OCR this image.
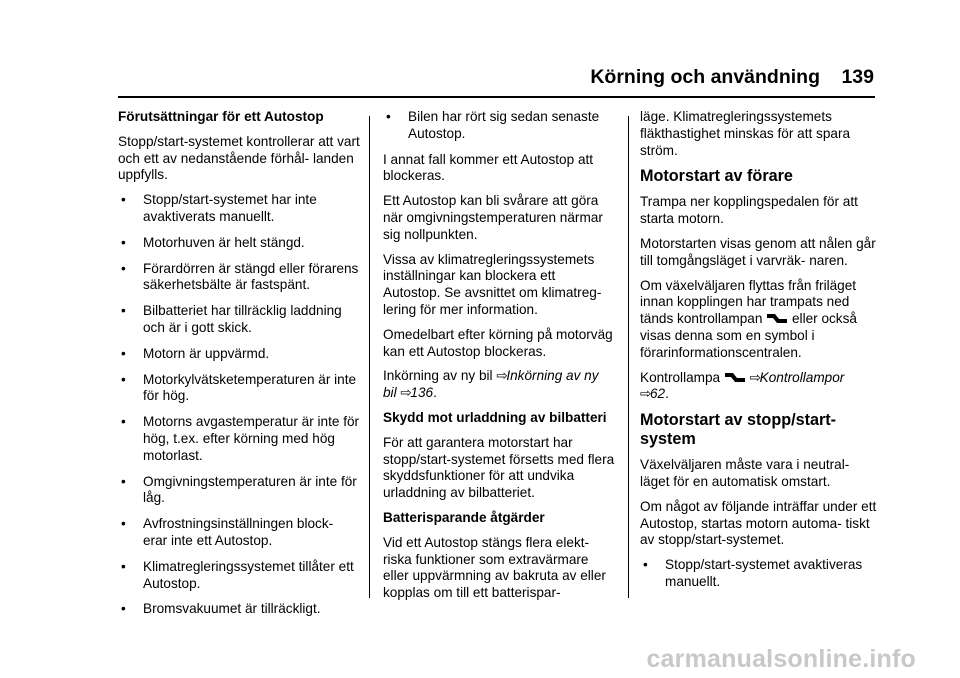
Körning och användning 139
Förutsättningar för ett Autostop
Stopp/start-systemet kontrollerar att vart och ett av nedanstående förhål- landen uppfylls.
• Stopp/start-systemet har inte avaktiverats manuellt.
• Motorhuven är helt stängd.
• Förardörren är stängd eller förarens säkerhetsbälte är fastspänt.
• Bilbatteriet har tillräcklig laddning och är i gott skick.
• Motorn är uppvärmd.
• Motorkylvätsketemperaturen är inte för hög.
• Motorns avgastemperatur är inte för hög, t.ex. efter körning med hög motorlast.
• Omgivningstemperaturen är inte för låg.
• Avfrostningsinställningen block- erar inte ett Autostop.
• Klimatregleringssystemet tillåter ett Autostop.
• Bromsvakuumet är tillräckligt.
• Bilen har rört sig sedan senaste Autostop.
I annat fall kommer ett Autostop att blockeras.
Ett Autostop kan bli svårare att göra när omgivningstemperaturen närmar sig nollpunkten.
Vissa av klimatregleringssystemets inställningar kan blockera ett Autostop. Se avsnittet om klimatreg- lering för mer information.
Omedelbart efter körning på motorväg kan ett Autostop blockeras.
Inkörning av ny bil ⇨Inkörning av ny bil ⇨136.
Skydd mot urladdning av bilbatteri
För att garantera motorstart har stopp/start-systemet försetts med flera skyddsfunktioner för att undvika urladdning av bilbatteriet.
Batterisparande åtgärder
Vid ett Autostop stängs flera elekt- riska funktioner som extravärmare eller uppvärmning av bakruta av eller kopplas om till ett batterispar-
läge. Klimatregleringssystemets fläkthastighet minskas för att spara ström.
Motorstart av förare
Trampa ner kopplingspedalen för att starta motorn.
Motorstarten visas genom att nålen går till tomgångsläget i varvräk- naren.
Om växelväljaren flyttas från friläget innan kopplingen har trampats ned tänds kontrollampan eller också visas denna som en symbol i förarinformationscentralen.
Kontrollampa ⇨Kontrollampor
⇨62.
Motorstart av stopp/start- system
Växelväljaren måste vara i neutral- läget för en automatisk omstart.
Om något av följande inträffar under ett Autostop, startas motorn automa- tiskt av stopp/start-systemet.
• Stopp/start-systemet avaktiveras manuellt.
carmanualsonline.info
